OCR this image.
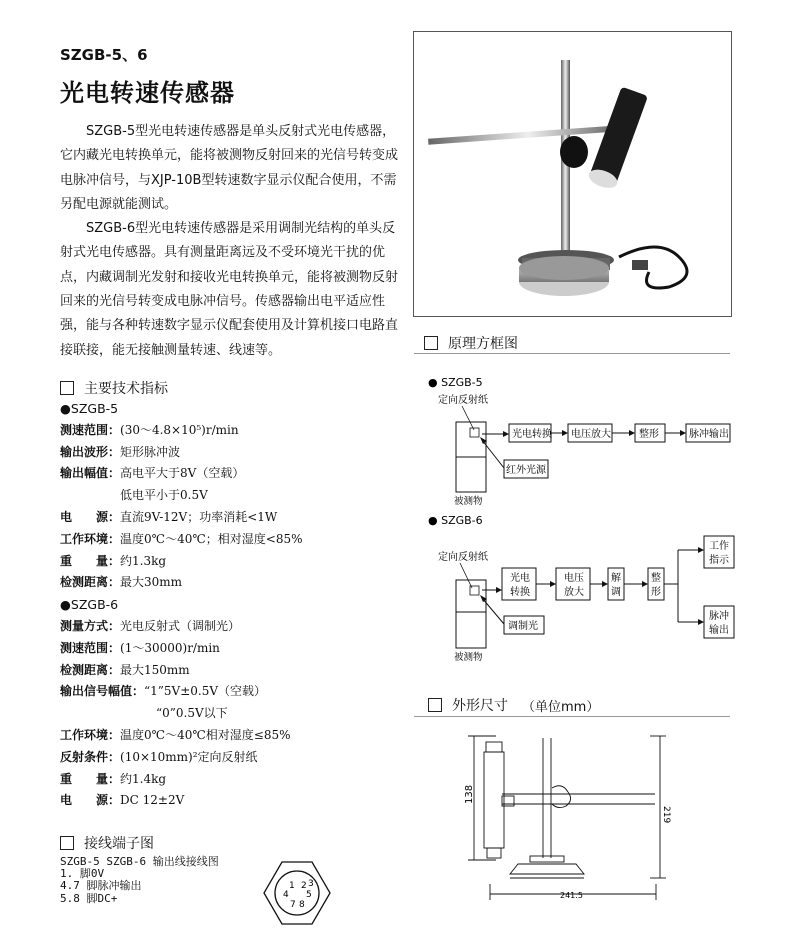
SZGB-5、6
光电转速传感器

SZGB-5型光电转速传感器是单头反射式光电传感器，它内藏光电转换单元，能将被测物反射回来的光信号转变成电脉冲信号，与XJP-10B型转速数字显示仪配合使用，不需另配电源就能测试。

SZGB-6型光电转速传感器是采用调制光结构的单头反射式光电传感器。具有测量距离远及不受环境光干扰的优点，内藏调制光发射和接收光电转换单元，能将被测物反射回来的光信号转变成电脉冲信号。传感器输出电平适应性强，能与各种转速数字显示仪配套使用及计算机接口电路直接联接，能无接触测量转速、线速等。

主要技术指标
●SZGB-5
测速范围：(30～4.8×10⁵)r/min
输出波形：矩形脉冲波
输出幅值：高电平大于8V（空载）
低电平小于0.5V
电　　源：直流9V-12V；功率消耗<1W
工作环境：温度0℃～40℃；相对湿度<85%
重　　量：约1.3kg
检测距离：最大30mm
●SZGB-6
测量方式：光电反射式（调制光）
测速范围：(1～30000)r/min
检测距离：最大150mm
输出信号幅值：“1”5V±0.5V（空载）
“0”0.5V以下
工作环境：温度0℃～40℃相对湿度≤85%
反射条件：(10×10mm)²定向反射纸
重　　量：约1.4kg
电　　源：DC 12±2V
接线端子图
SZGB-5 SZGB-6 输出线接线图
1. 脚0V
4.7 脚脉冲输出
5.8 脚DC+
1 2
4 5
7 8
3
原理方框图
● SZGB-5
定向反射纸
被测物
光电转换 电压放大	整形	脉冲输出
红外光源
● SZGB-6
定向反射纸
被测物
光电
转换
电压
放大
解
调
整
形
工作
指示
脉冲
输出
调制光
外形尺寸 （单位mm）
138
219
241.5
